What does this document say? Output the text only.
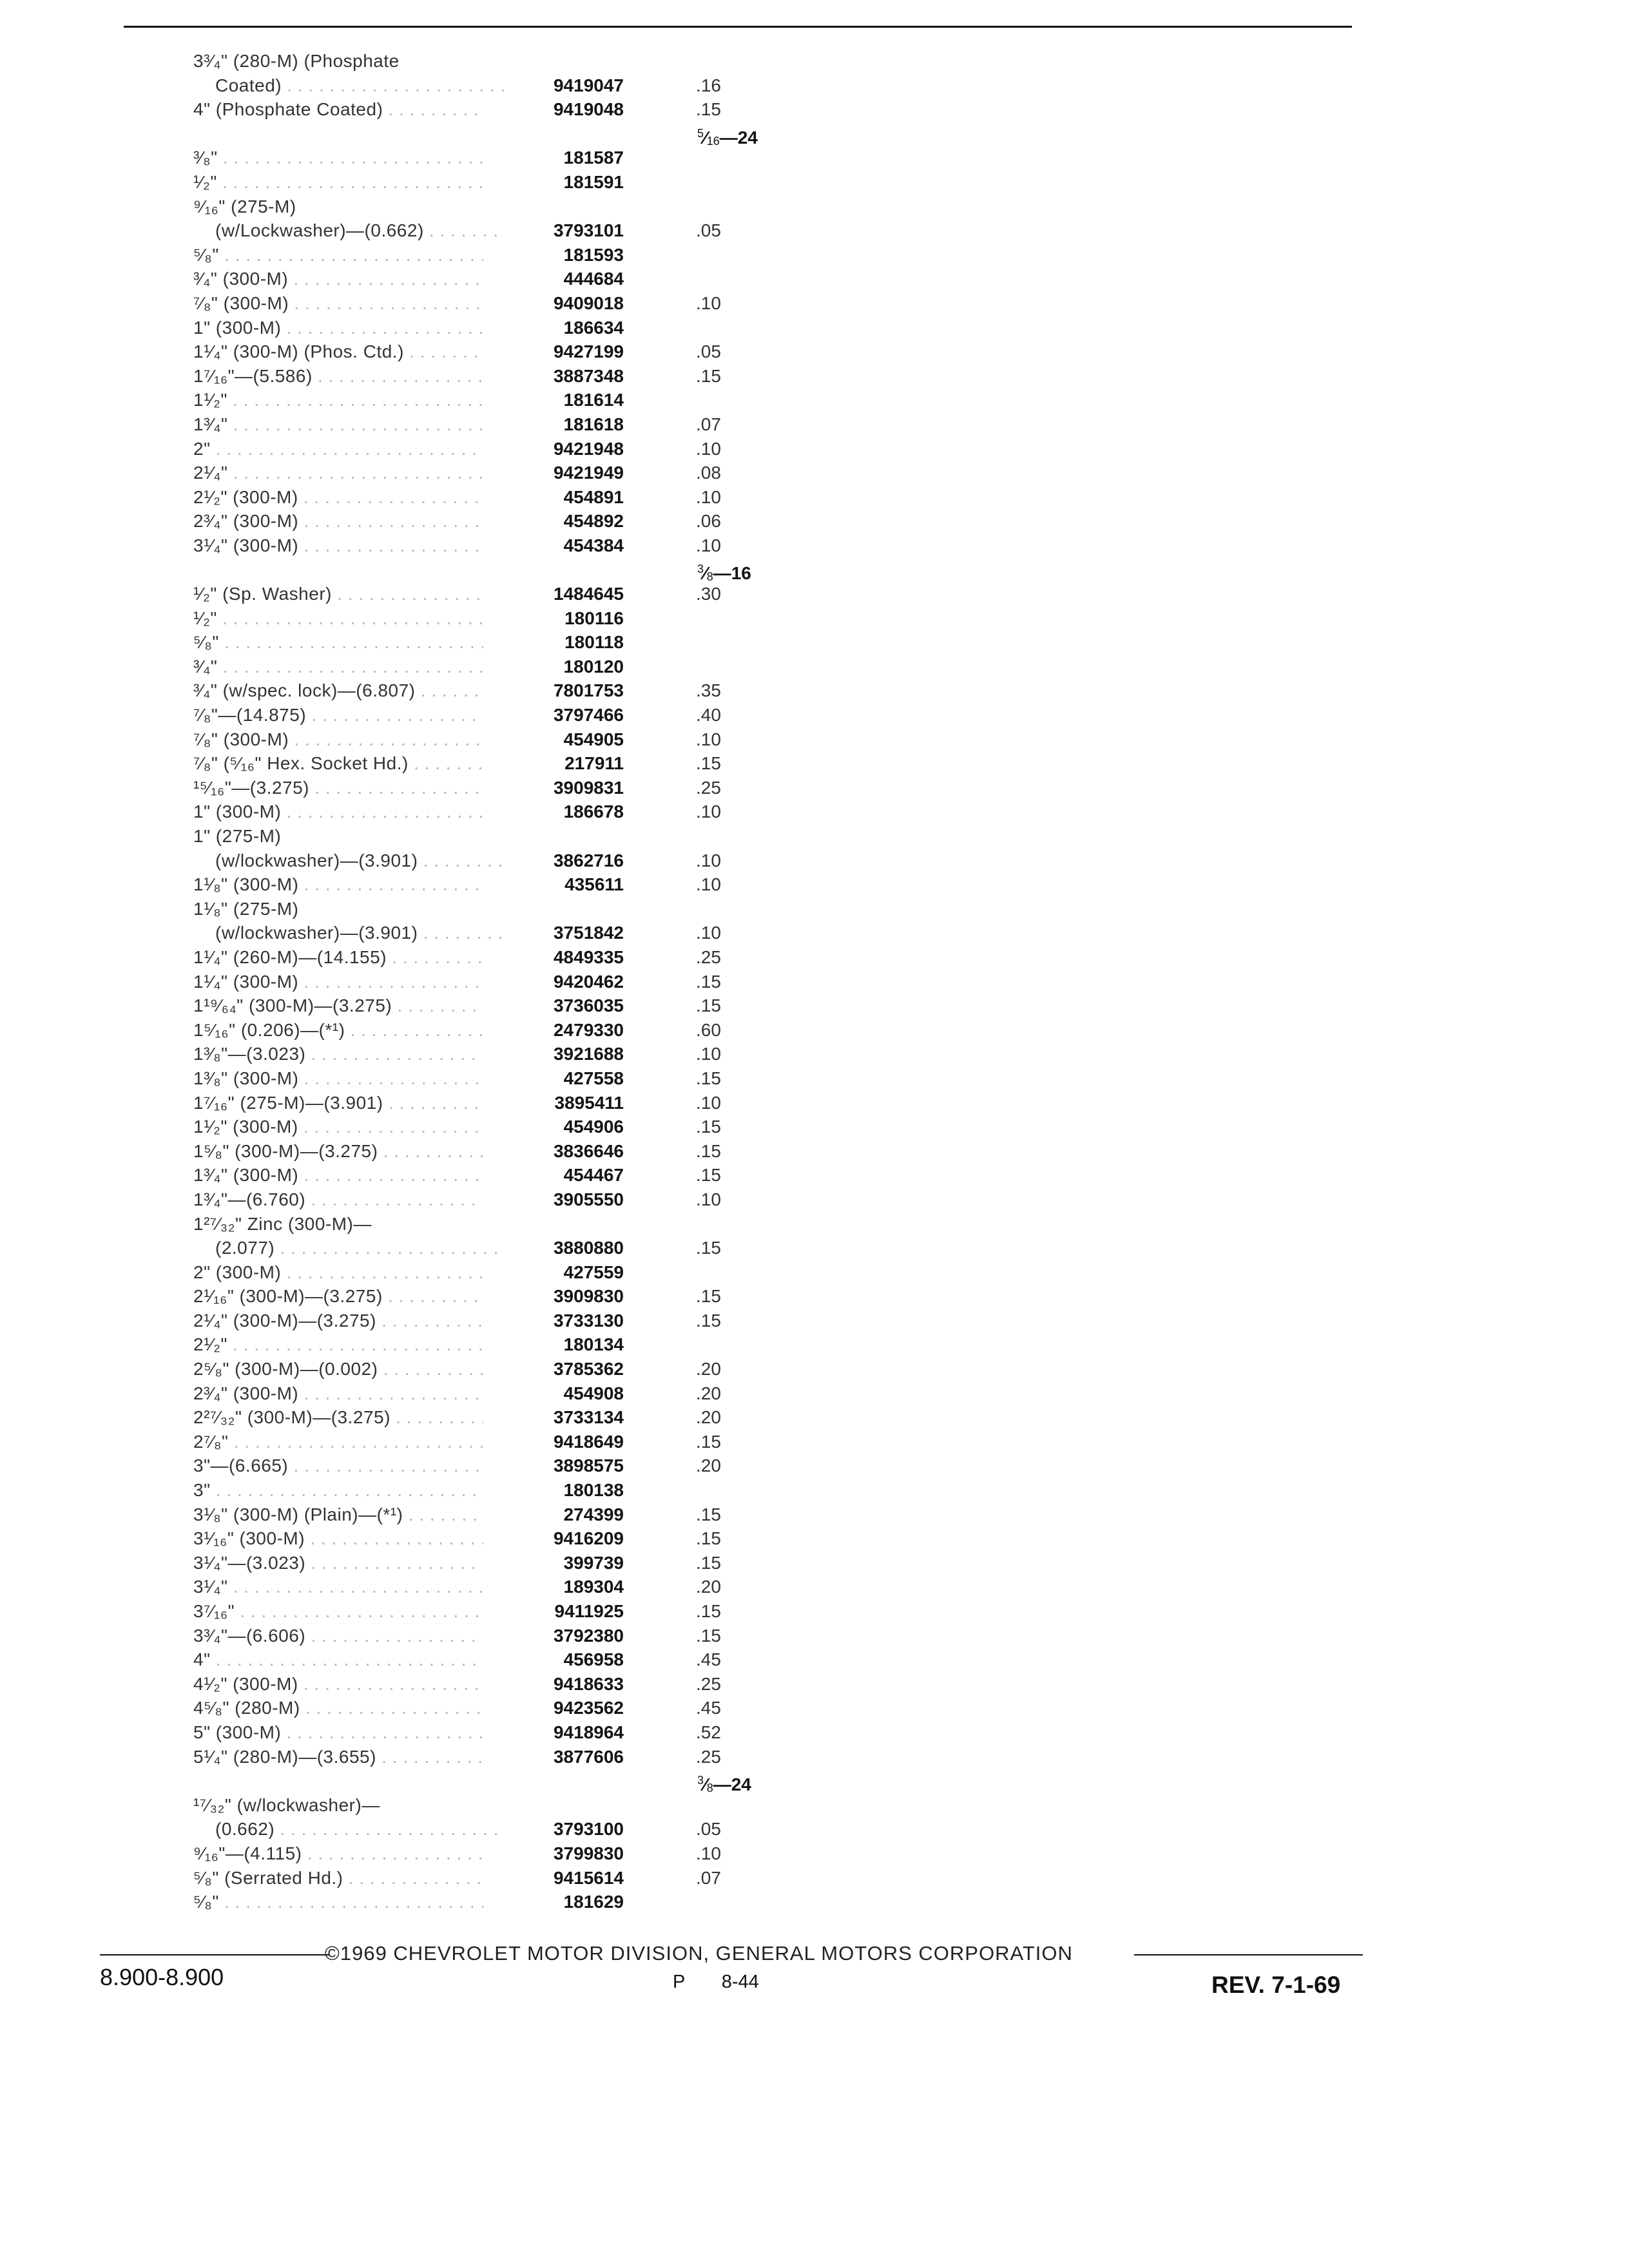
3³⁄₄" (280-M) (Phosphate
Coated) . . .	9419047	.16
4" (Phosphate Coated) . . .	9419048	.15
$^5$⁄16—24
³⁄₈" . . .	181587
¹⁄₂" . . .	181591
⁹⁄₁₆" (275-M)
(w/Lockwasher)—(0.662) . . .	3793101	.05
⁵⁄₈" . . .	181593
³⁄₄" (300-M) . . .	444684
⁷⁄₈" (300-M) . . .	9409018	.10
1" (300-M) . . .	186634
1¹⁄₄" (300-M) (Phos. Ctd.) . . .	9427199	.05
1⁷⁄₁₆"—(5.586) . . .	3887348	.15
1¹⁄₂" . . .	181614
1³⁄₄" . . .	181618	.07
2" . . .	9421948	.10
2¹⁄₄" . . .	9421949	.08
2¹⁄₂" (300-M) . . .	454891	.10
2³⁄₄" (300-M) . . .	454892	.06
3¹⁄₄" (300-M) . . .	454384	.10
$^3$⁄8—16
¹⁄₂" (Sp. Washer) . . .	1484645	.30
¹⁄₂" . . .	180116
⁵⁄₈" . . .	180118
³⁄₄" . . .	180120
³⁄₄" (w/spec. lock)—(6.807) . . .	7801753	.35
⁷⁄₈"—(14.875) . . .	3797466	.40
⁷⁄₈" (300-M) . . .	454905	.10
⁷⁄₈" (⁵⁄₁₆" Hex. Socket Hd.) . . .	217911	.15
¹⁵⁄₁₆"—(3.275) . . .	3909831	.25
1" (300-M) . . .	186678	.10
1" (275-M)
(w/lockwasher)—(3.901) . . .	3862716	.10
1¹⁄₈" (300-M) . . .	435611	.10
1¹⁄₈" (275-M)
(w/lockwasher)—(3.901) . . .	3751842	.10
1¹⁄₄" (260-M)—(14.155) . . .	4849335	.25
1¹⁄₄" (300-M) . . .	9420462	.15
1¹⁹⁄₆₄" (300-M)—(3.275) . . .	3736035	.15
1⁵⁄₁₆" (0.206)—(*¹) . . .	2479330	.60
1³⁄₈"—(3.023) . . .	3921688	.10
1³⁄₈" (300-M) . . .	427558	.15
1⁷⁄₁₆" (275-M)—(3.901) . . .	3895411	.10
1¹⁄₂" (300-M) . . .	454906	.15
1⁵⁄₈" (300-M)—(3.275) . . .	3836646	.15
1³⁄₄" (300-M) . . .	454467	.15
1³⁄₄"—(6.760) . . .	3905550	.10
1²⁷⁄₃₂" Zinc (300-M)—
(2.077) . . .	3880880	.15
2" (300-M) . . .	427559
2¹⁄₁₆" (300-M)—(3.275) . . .	3909830	.15
2¹⁄₄" (300-M)—(3.275) . . .	3733130	.15
2¹⁄₂" . . .	180134
2⁵⁄₈" (300-M)—(0.002) . . .	3785362	.20
2³⁄₄" (300-M) . . .	454908	.20
2²⁷⁄₃₂" (300-M)—(3.275) . . .	3733134	.20
2⁷⁄₈" . . .	9418649	.15
3"—(6.665) . . .	3898575	.20
3" . . .	180138
3¹⁄₈" (300-M) (Plain)—(*¹) . . .	274399	.15
3¹⁄₁₆" (300-M) . . .	9416209	.15
3¹⁄₄"—(3.023) . . .	399739	.15
3¹⁄₄" . . .	189304	.20
3⁷⁄₁₆" . . .	9411925	.15
3³⁄₄"—(6.606) . . .	3792380	.15
4" . . .	456958	.45
4¹⁄₂" (300-M) . . .	9418633	.25
4⁵⁄₈" (280-M) . . .	9423562	.45
5" (300-M) . . .	9418964	.52
5¹⁄₄" (280-M)—(3.655) . . .	3877606	.25
$^3$⁄8—24
¹⁷⁄₃₂" (w/lockwasher)—
(0.662) . . .	3793100	.05
⁹⁄₁₆"—(4.115) . . .	3799830	.10
⁵⁄₈" (Serrated Hd.) . . .	9415614	.07
⁵⁄₈" . . .	181629
©1969 CHEVROLET MOTOR DIVISION, GENERAL MOTORS CORPORATION
8.900-8.900	P 8-44	REV. 7-1-69
